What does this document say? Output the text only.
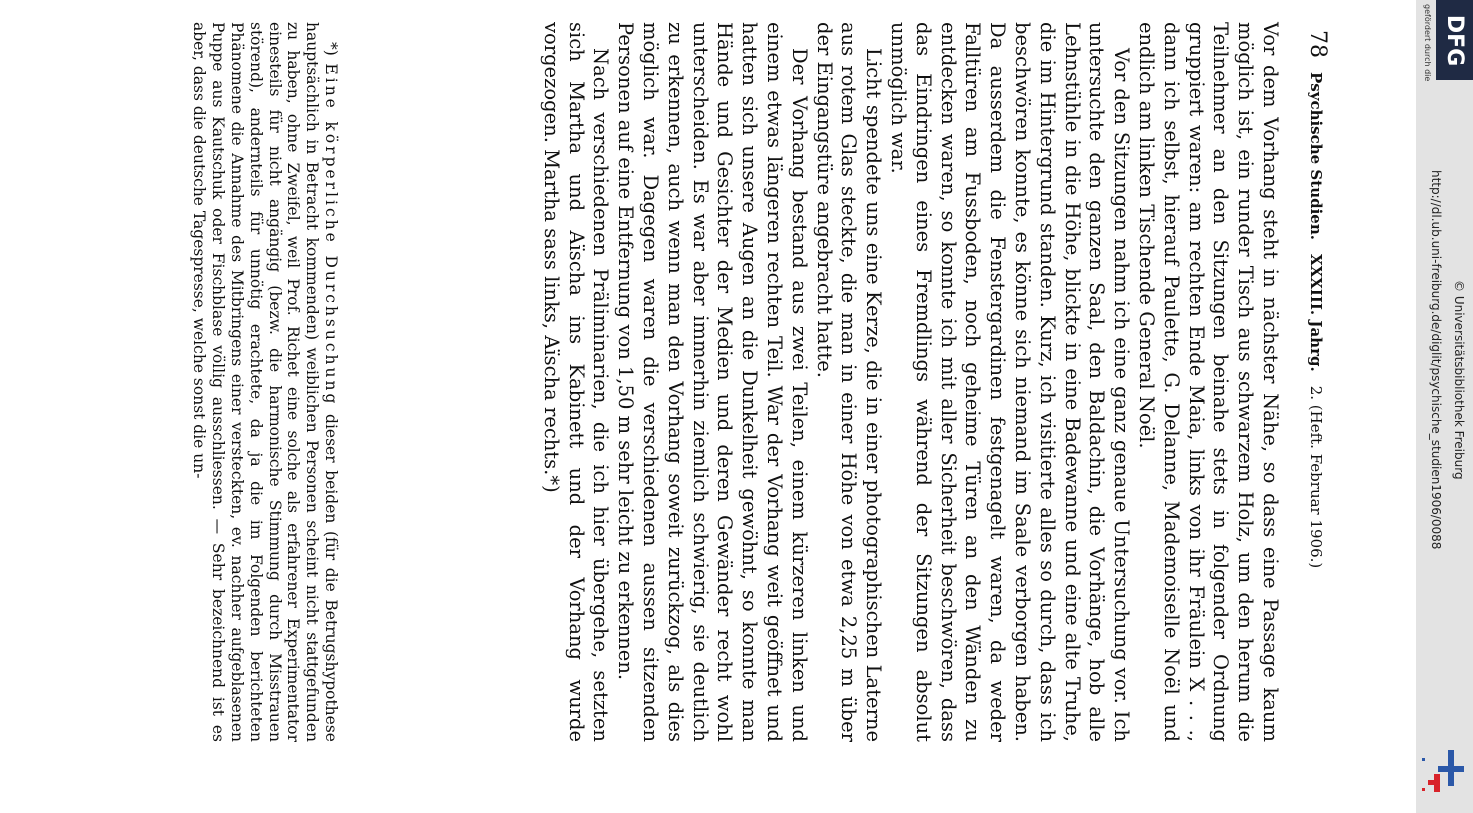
78
Psychische Studien.
XXXIII. Jahrg.
2. (Heft. Februar 1906.)

Vor dem Vorhang steht in nächster Nähe, so dass eine Passage kaum möglich ist, ein runder Tisch aus schwarzem Holz, um den herum die Teilnehmer an den Sitzungen beinahe stets in folgender Ordnung gruppiert waren: am rechten Ende Maia, links von ihr Fräulein X . . ., dann ich selbst, hierauf Paulette, G. Delanne, Mademoiselle Noël und endlich am linken Tischende General Noël.

Vor den Sitzungen nahm ich eine ganz genaue Untersuchung vor. Ich untersuchte den ganzen Saal, den Baldachin, die Vorhänge, hob alle Lehnstühle in die Höhe, blickte in eine Badewanne und eine alte Truhe, die im Hintergrund standen. Kurz, ich visitierte alles so durch, dass ich beschwören konnte, es könne sich niemand im Saale verborgen haben. Da ausserdem die Fenstergardinen festgenagelt waren, da weder Falltüren am Fussboden, noch geheime Türen an den Wänden zu entdecken waren, so konnte ich mit aller Sicherheit beschwören, dass das Eindringen eines Fremdlings während der Sitzungen absolut unmöglich war.

Licht spendete uns eine Kerze, die in einer photographischen Laterne aus rotem Glas steckte, die man in einer Höhe von etwa 2,25 m über der Eingangstüre angebracht hatte.

Der Vorhang bestand aus zwei Teilen, einem kürzeren linken und einem etwas längeren rechten Teil. War der Vorhang weit geöffnet und hatten sich unsere Augen an die Dunkelheit gewöhnt, so konnte man Hände und Gesichter der Medien und deren Gewänder recht wohl unterscheiden. Es war aber immerhin ziemlich schwierig, sie deutlich zu erkennen, auch wenn man den Vorhang soweit zurückzog, als dies möglich war. Dagegen waren die verschiedenen aussen sitzenden Personen auf eine Entfernung von 1,50 m sehr leicht zu erkennen.

Nach verschiedenen Präliminarien, die ich hier übergehe, setzten sich Martha und Aïscha ins Kabinett und der Vorhang wurde vorgezogen. Martha sass links, Aïscha rechts.*)

*) Eine körperliche Durchsuchung dieser beiden (für die Betrugshypothese hauptsächlich in Betracht kommenden) weiblichen Personen scheint nicht stattgefunden zu haben, ohne Zweifel, weil Prof. Richet eine solche als erfahrener Experimentator einesteils für nicht angängig (bezw. die harmonische Stimmung durch Misstrauen störend), andernteils für unnötig erachtete, da ja die im Folgenden berichteten Phänomene die Annahme des Mitbringens einer versteckten, ev. nachher aufgeblasenen Puppe aus Kautschuk oder Fischblase völlig ausschliessen. — Sehr bezeichnend ist es aber, dass die deutsche Tagespresse, welche sonst die un-	gefördert durch die DFG
http://dl.ub.uni-freiburg.de/diglit/psychische_studien1906/0088 © Universitätsbibliothek Freiburg
